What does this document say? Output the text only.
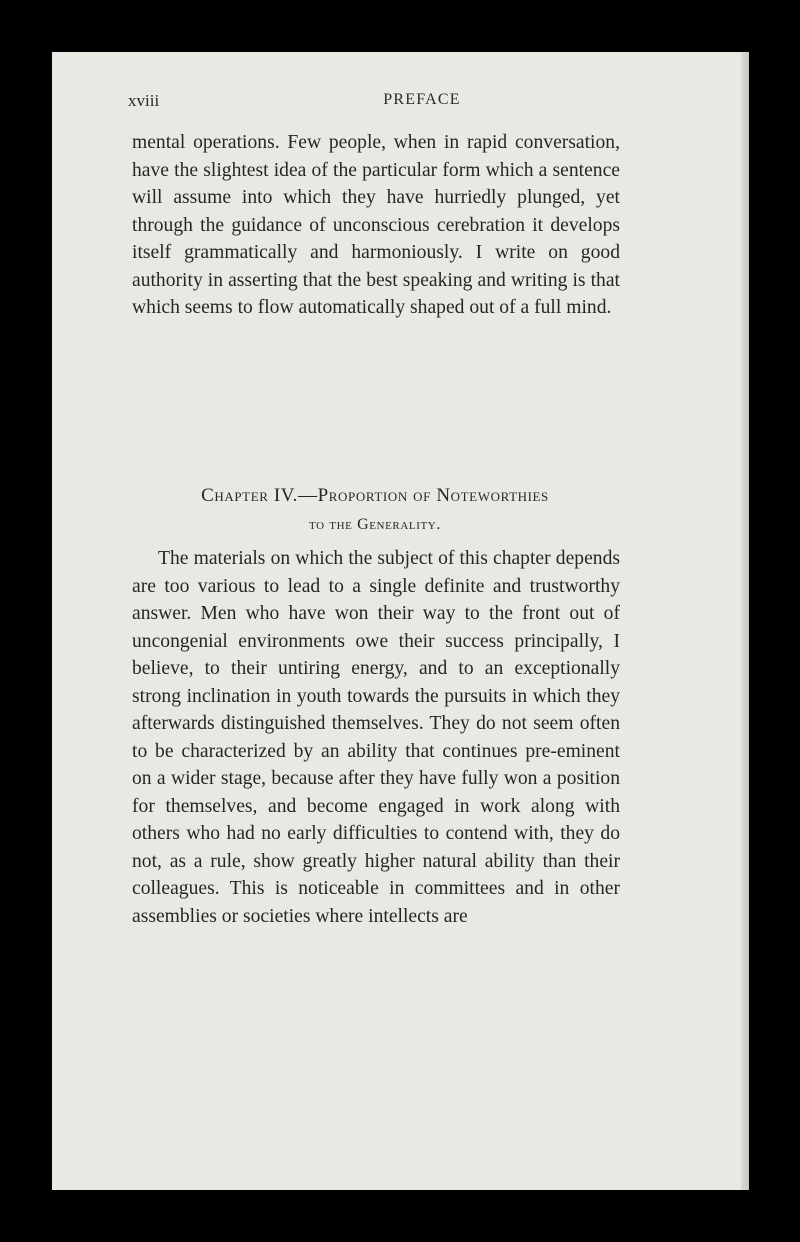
xviii	PREFACE

mental operations. Few people, when in rapid conversation, have the slightest idea of the particular form which a sentence will assume into which they have hurriedly plunged, yet through the guidance of unconscious cerebration it develops itself grammatically and harmoniously. I write on good authority in asserting that the best speaking and writing is that which seems to flow automatically shaped out of a full mind.

Chapter IV.—Proportion of Noteworthies
to the Generality.

The materials on which the subject of this chapter depends are too various to lead to a single definite and trustworthy answer. Men who have won their way to the front out of uncongenial environments owe their success principally, I believe, to their untiring energy, and to an exceptionally strong inclination in youth towards the pursuits in which they afterwards distinguished themselves. They do not seem often to be characterized by an ability that continues pre-eminent on a wider stage, because after they have fully won a position for themselves, and become engaged in work along with others who had no early difficulties to contend with, they do not, as a rule, show greatly higher natural ability than their colleagues. This is noticeable in committees and in other assemblies or societies where intellects are
